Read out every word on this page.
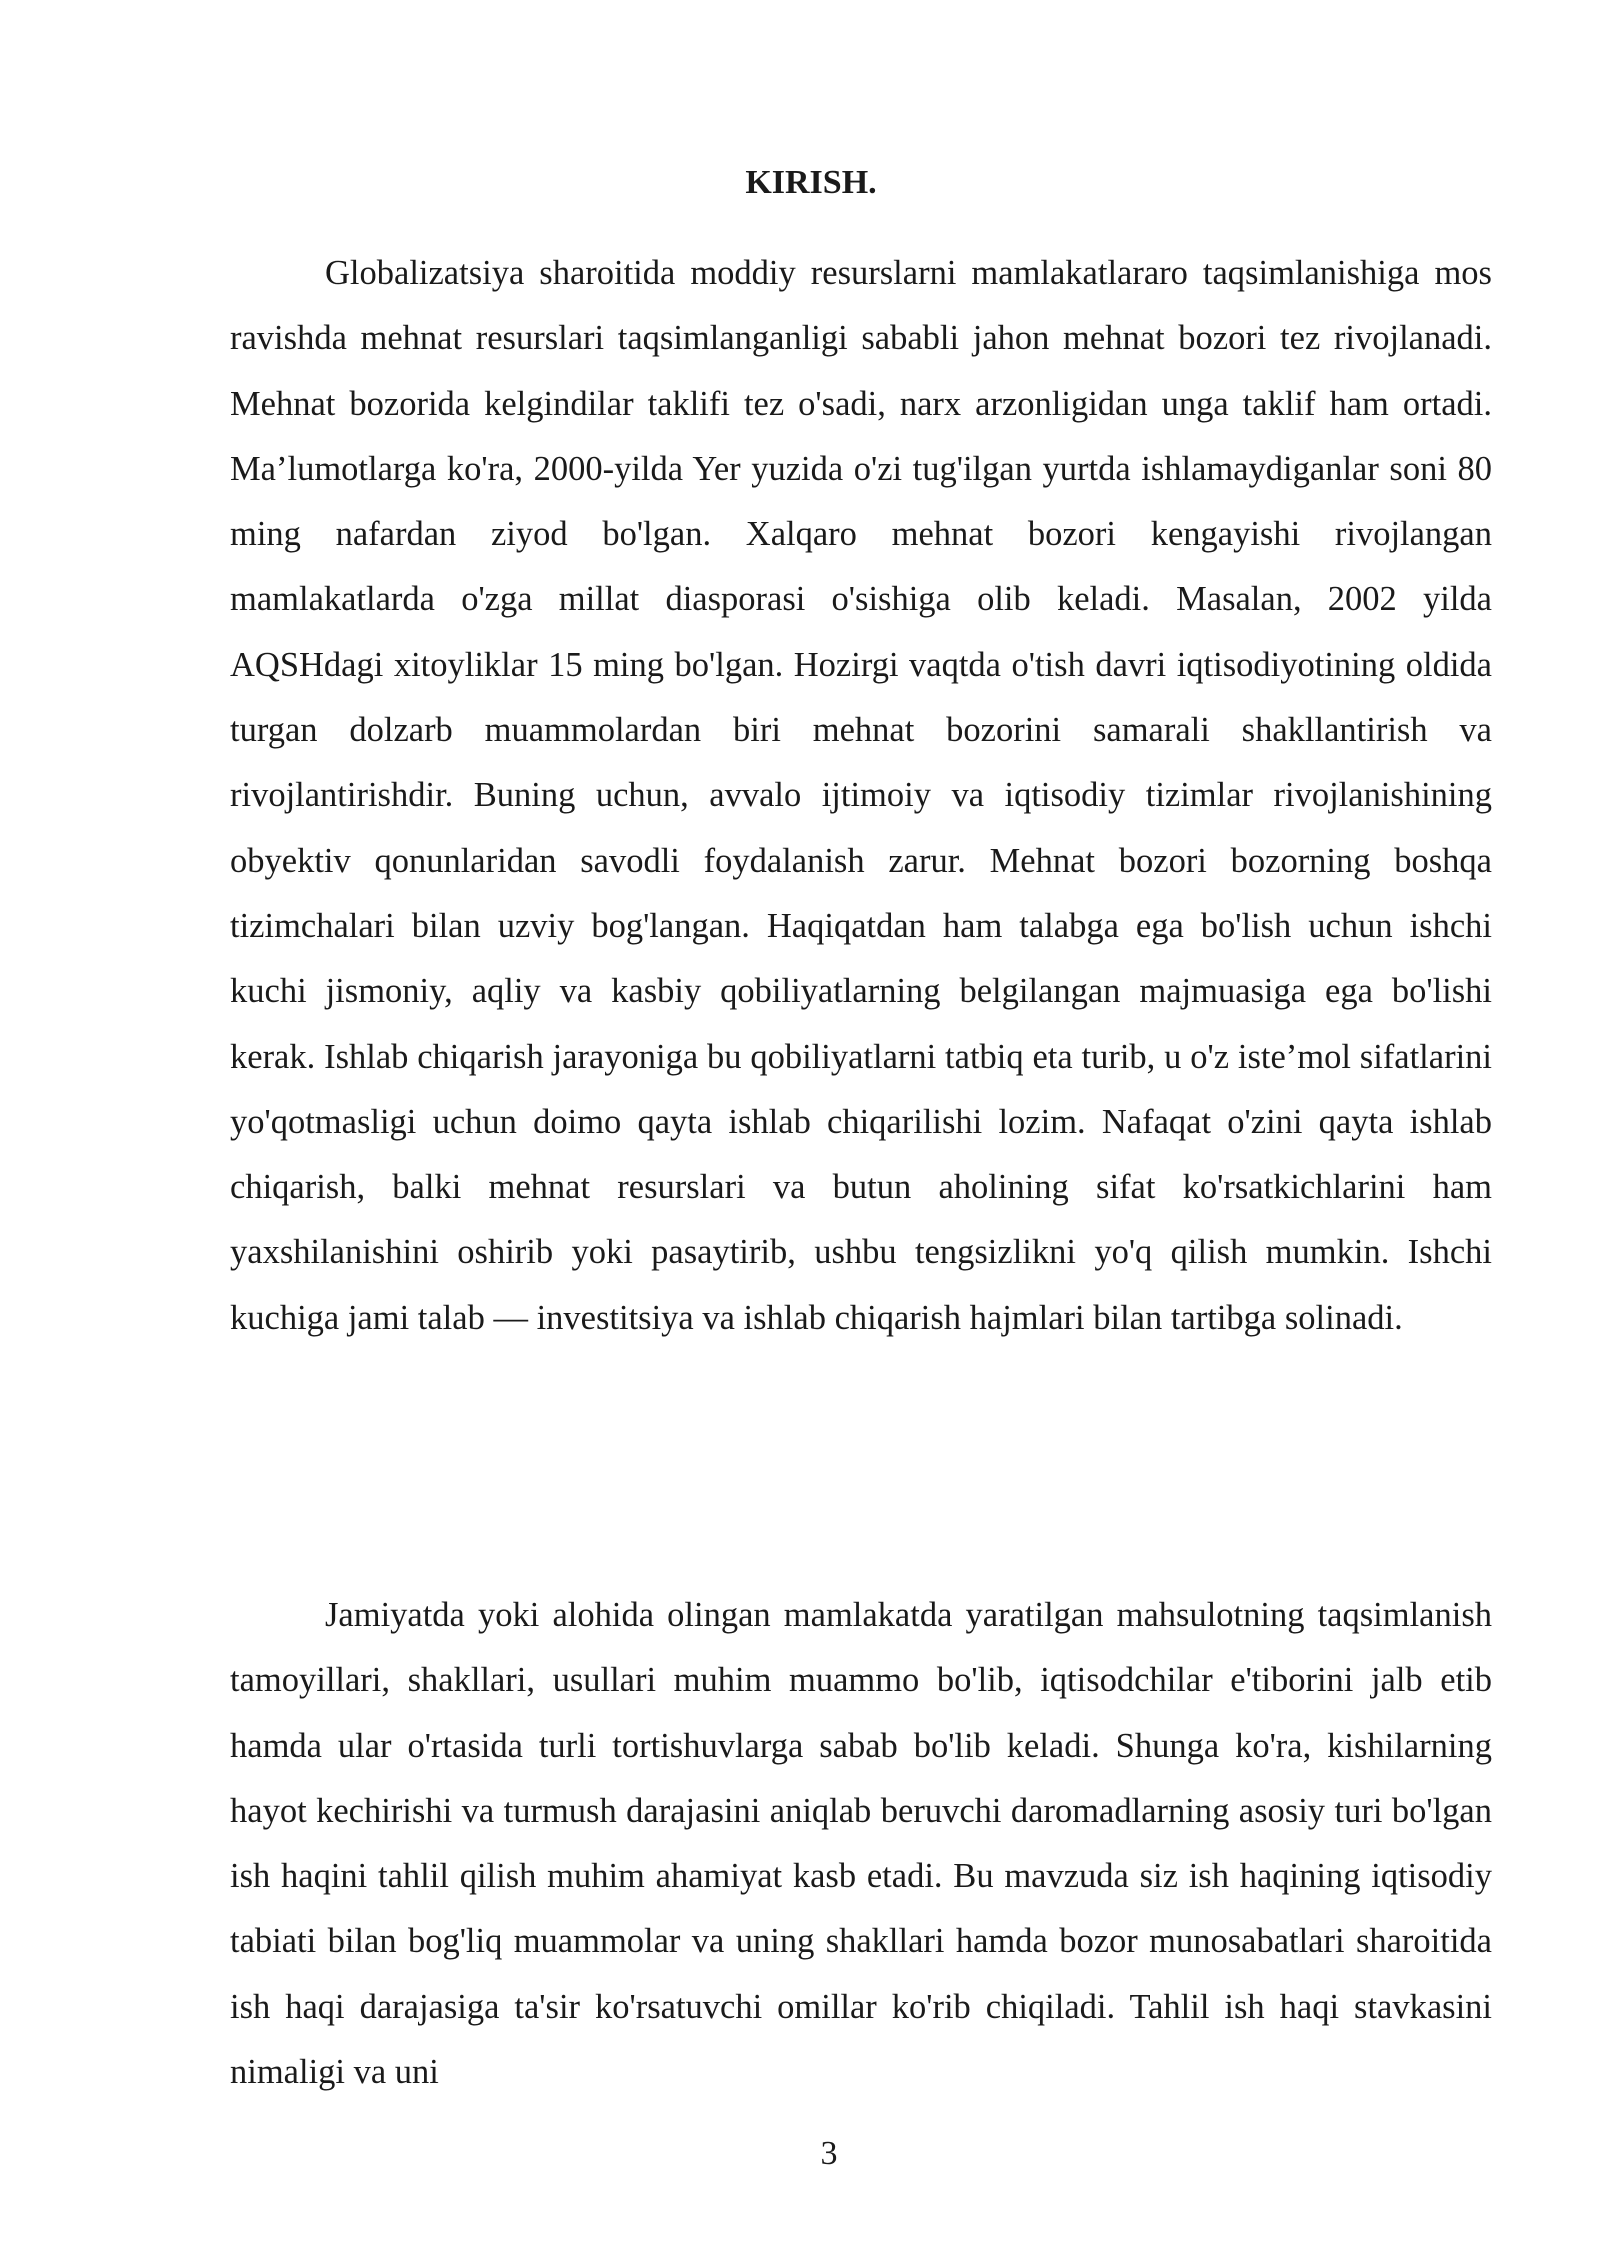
KIRISH.

Globalizatsiya sharoitida moddiy resurslarni mamlakatlararo taqsimlanishiga mos ravishda mehnat resurslari taqsimlanganligi sababli jahon mehnat bozori tez rivojlanadi. Mehnat bozorida kelgindilar taklifi tez o'sadi, narx arzonligidan unga taklif ham ortadi. Ma’lumotlarga ko'ra, 2000-yilda Yer yuzida o'zi tug'ilgan yurtda ishlamaydiganlar soni 80 ming nafardan ziyod bo'lgan. Xalqaro mehnat bozori kengayishi rivojlangan mamlakatlarda o'zga millat diasporasi o'sishiga olib keladi. Masalan, 2002 yilda AQSHdagi xitoyliklar 15 ming bo'lgan. Hozirgi vaqtda o'tish davri iqtisodiyotining oldida turgan dolzarb muammolardan biri mehnat bozorini samarali shakllantirish va rivojlantirishdir. Buning uchun, avvalo ijtimoiy va iqtisodiy tizimlar rivojlanishining obyektiv qonunlaridan savodli foydalanish zarur. Mehnat bozori bozorning boshqa tizimchalari bilan uzviy bog'langan. Haqiqatdan ham talabga ega bo'lish uchun ishchi kuchi jismoniy, aqliy va kasbiy qobiliyatlarning belgilangan majmuasiga ega bo'lishi kerak. Ishlab chiqarish jarayoniga bu qobiliyatlarni tatbiq eta turib, u o'z iste’mol sifatlarini yo'qotmasligi uchun doimo qayta ishlab chiqarilishi lozim. Nafaqat o'zini qayta ishlab chiqarish, balki mehnat resurslari va butun aholining sifat ko'rsatkichlarini ham yaxshilanishini oshirib yoki pasaytirib, ushbu tengsizlikni yo'q qilish mumkin. Ishchi kuchiga jami talab — investitsiya va ishlab chiqarish hajmlari bilan tartibga solinadi.

Jamiyatda yoki alohida olingan mamlakatda yaratilgan mahsulotning taqsimlanish tamoyillari, shakllari, usullari muhim muammo bo'lib, iqtisodchilar e'tiborini jalb etib hamda ular o'rtasida turli tortishuvlarga sabab bo'lib keladi. Shunga ko'ra, kishilarning hayot kechirishi va turmush darajasini aniqlab beruvchi daromadlarning asosiy turi bo'lgan ish haqini tahlil qilish muhim ahamiyat kasb etadi. Bu mavzuda siz ish haqining iqtisodiy tabiati bilan bog'liq muammolar va uning shakllari hamda bozor munosabatlari sharoitida ish haqi darajasiga ta'sir ko'rsatuvchi omillar ko'rib chiqiladi. Tahlil ish haqi stavkasini nimaligi va uni

3
